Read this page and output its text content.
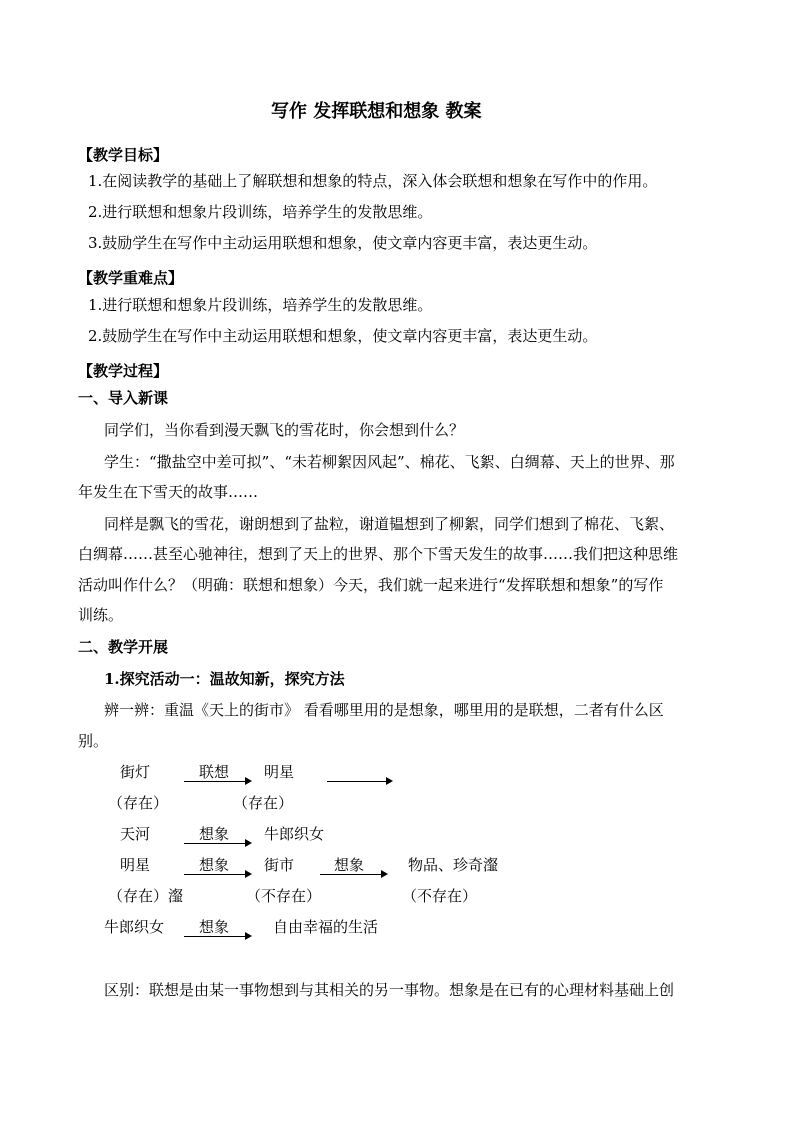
写作 发挥联想和想象 教案
【教学目标】
1.在阅读教学的基础上了解联想和想象的特点，深入体会联想和想象在写作中的作用。
2.进行联想和想象片段训练，培养学生的发散思维。
3.鼓励学生在写作中主动运用联想和想象，使文章内容更丰富，表达更生动。
【教学重难点】
1.进行联想和想象片段训练，培养学生的发散思维。
2.鼓励学生在写作中主动运用联想和想象，使文章内容更丰富，表达更生动。
【教学过程】
一、导入新课
同学们，当你看到漫天飘飞的雪花时，你会想到什么？
学生：“撒盐空中差可拟”、“未若柳絮因风起”、棉花、飞絮、白绸幕、天上的世界、那
年发生在下雪天的故事……
同样是飘飞的雪花，谢朗想到了盐粒，谢道韫想到了柳絮，同学们想到了棉花、飞絮、
白绸幕……甚至心驰神往，想到了天上的世界、那个下雪天发生的故事……我们把这种思维
活动叫作什么？（明确：联想和想象）今天，我们就一起来进行“发挥联想和想象”的写作
训练。
二、教学开展
1.探究活动一：温故知新，探究方法
辨一辨：重温《天上的街市》 看看哪里用的是想象，哪里用的是联想，二者有什么区
别。
街灯	联想 明星
（存在）	（存在）
天河	想象 牛郎织女
明星	想象 街市	想象	物品、珍奇瀣
（存在）瀣	（不存在）	（不存在）
牛郎织女 想象	自由幸福的生活
区别：联想是由某一事物想到与其相关的另一事物。想象是在已有的心理材料基础上创
